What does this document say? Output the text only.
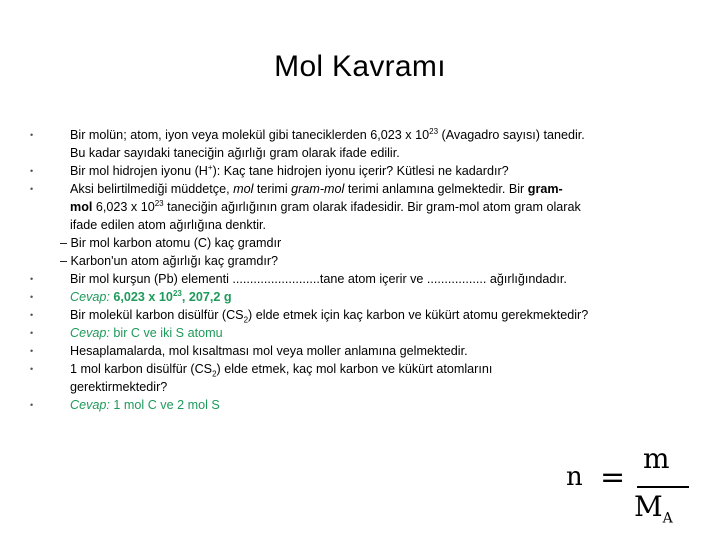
Mol Kavramı
•	Bir molün; atom, iyon veya molekül gibi taneciklerden 6,023 x $10^{23}$ (Avagadro sayısı) tanedir.
Bu kadar sayıdaki taneciğin ağırlığı gram olarak ifade edilir.
•	Bir mol hidrojen iyonu (H+): Kaç tane hidrojen iyonu içerir? Kütlesi ne kadardır?
•	Aksi belirtilmediği müddetçe, mol terimi gram-mol terimi anlamına gelmektedir. Bir gram-
mol 6,023 x $10^{23}$ taneciğin ağırlığının gram olarak ifadesidir. Bir gram-mol atom gram olarak
ifade edilen atom ağırlığına denktir.
– Bir mol karbon atomu (C) kaç gramdır
– Karbon'un atom ağırlığı kaç gramdır?
•	Bir mol kurşun (Pb) elementi .........................tane atom içerir ve ................. ağırlığındadır.
•	Cevap: 6,023 x $10^{23}$, 207,2 g
•	Bir molekül karbon disülfür $(CS_2)$ elde etmek için kaç karbon ve kükürt atomu gerekmektedir?
•	Cevap: bir C ve iki S atomu
•	Hesaplamalarda, mol kısaltması mol veya moller anlamına gelmektedir.
•	1 mol karbon disülfür $(CS_2)$ elde etmek, kaç mol karbon ve kükürt atomlarını
gerektirmektedir?
•	Cevap: 1 mol C ve 2 mol S
n =
m
$M_A$
